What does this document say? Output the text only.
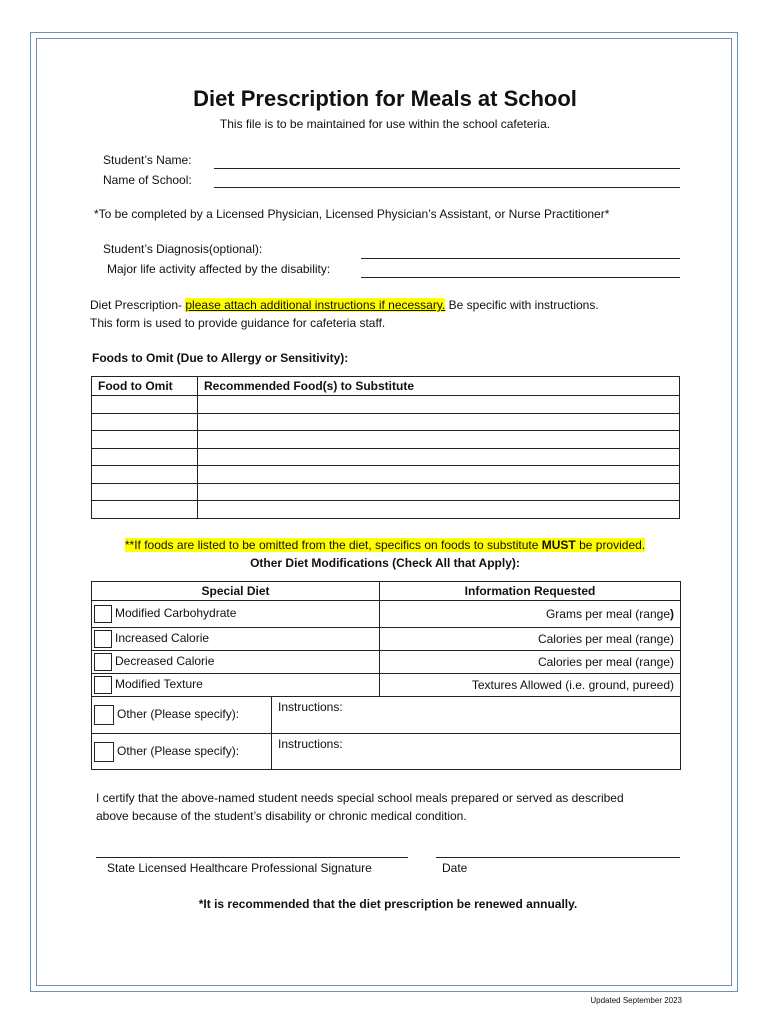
Diet Prescription for Meals at School
This file is to be maintained for use within the school cafeteria.
Student’s Name:
Name of School:
*To be completed by a Licensed Physician, Licensed Physician’s Assistant, or Nurse Practitioner*
Student’s Diagnosis(optional):
Major life activity affected by the disability:
Diet Prescription- please attach additional instructions if necessary. Be specific with instructions.
This form is used to provide guidance for cafeteria staff.
Foods to Omit (Due to Allergy or Sensitivity):
Food to Omit	Recommended Food(s) to Substitute

**If foods are listed to be omitted from the diet, specifics on foods to substitute MUST be provided.
Other Diet Modifications (Check All that Apply):
Special Diet		Information Requested
Modified Carbohydrate		Grams per meal (range)
Increased Calorie		Calories per meal (range)
Decreased Calorie		Calories per meal (range)
Modified Texture		Textures Allowed (i.e. ground, pureed)
Other (Please specify):	Instructions:	
Other (Please specify):	Instructions:	
I certify that the above-named student needs special school meals prepared or served as described
above because of the student’s disability or chronic medical condition.
State Licensed Healthcare Professional Signature	Date
*It is recommended that the diet prescription be renewed annually.
Updated September 2023
